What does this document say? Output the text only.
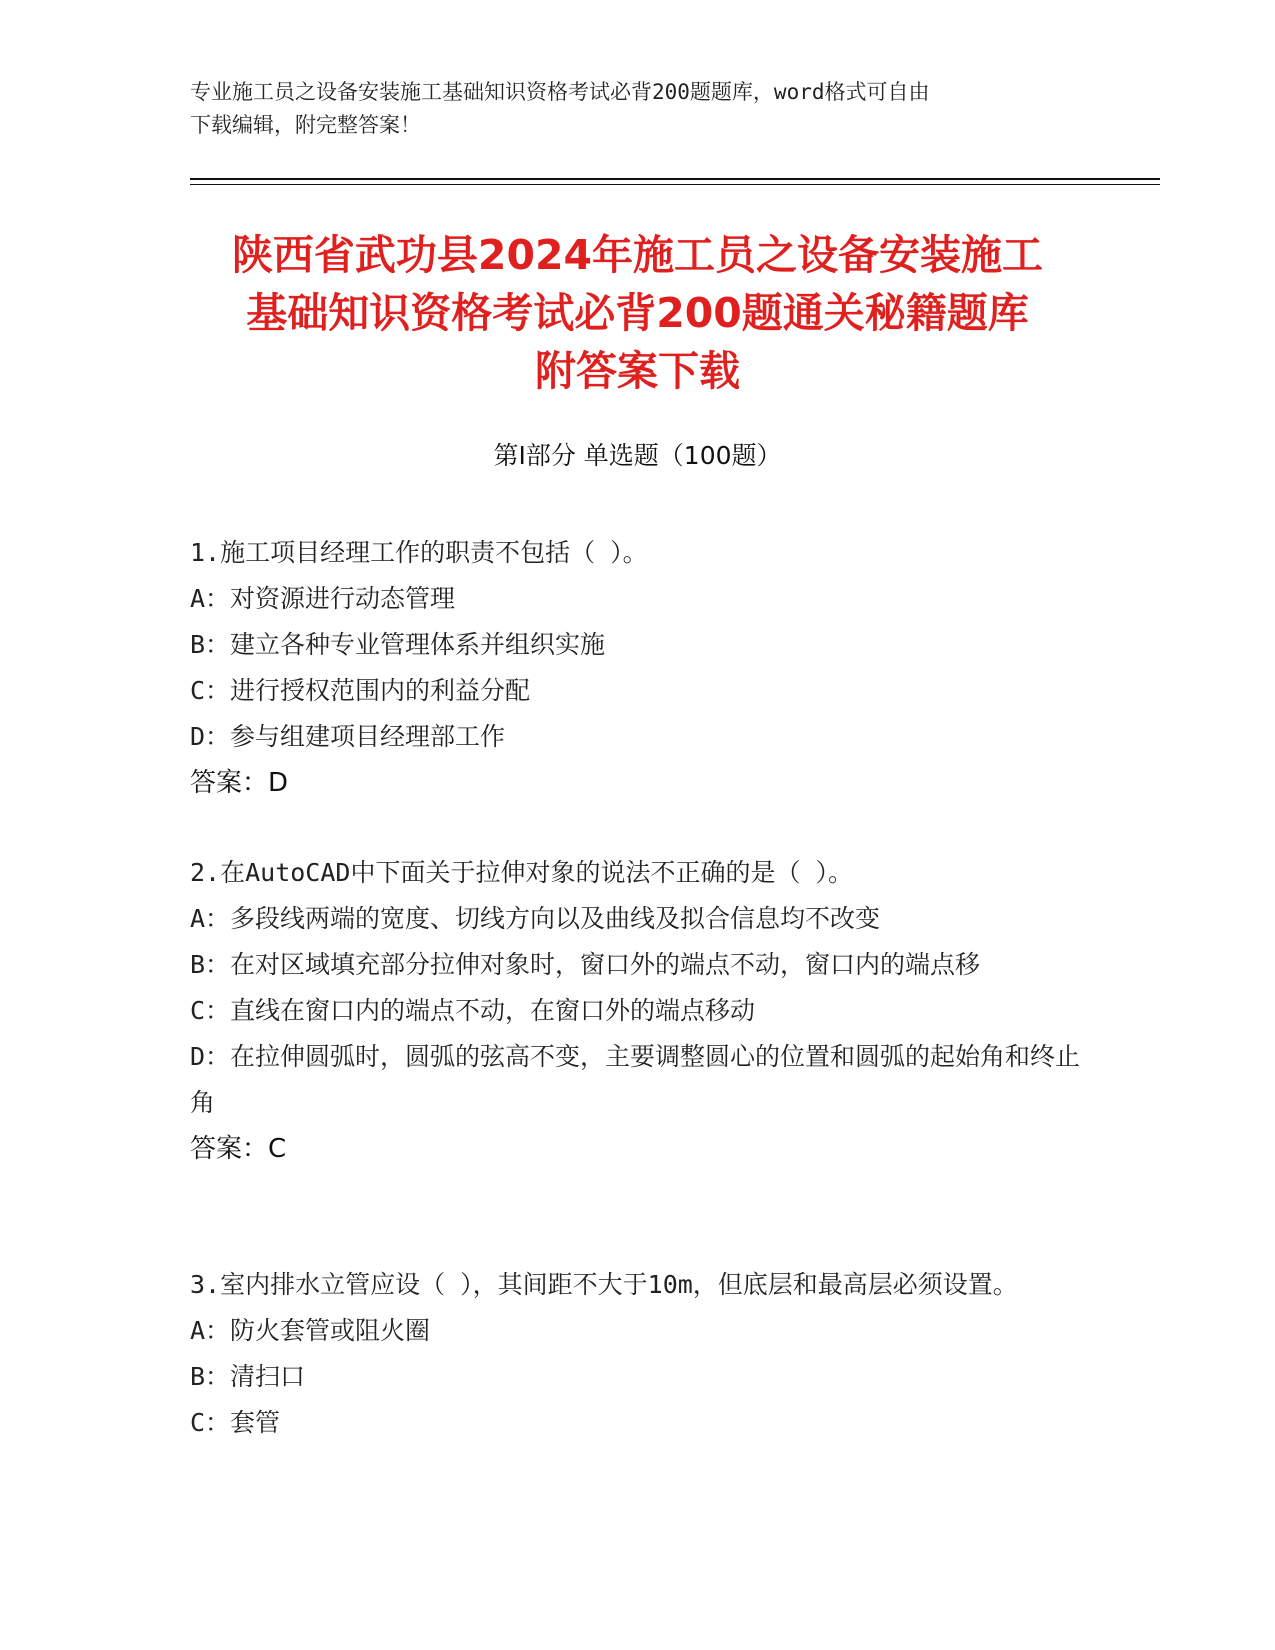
专业施工员之设备安装施工基础知识资格考试必背200题题库，word格式可自由
下载编辑，附完整答案！
陕西省武功县2024年施工员之设备安装施工
基础知识资格考试必背200题通关秘籍题库
附答案下载
第Ⅰ部分 单选题（100题）
1.施工项目经理工作的职责不包括（ ）。
A：对资源进行动态管理
B：建立各种专业管理体系并组织实施
C：进行授权范围内的利益分配
D：参与组建项目经理部工作
答案：D
2.在AutoCAD中下面关于拉伸对象的说法不正确的是（ ）。
A：多段线两端的宽度、切线方向以及曲线及拟合信息均不改变
B：在对区域填充部分拉伸对象时，窗口外的端点不动，窗口内的端点移
C：直线在窗口内的端点不动，在窗口外的端点移动
D：在拉伸圆弧时，圆弧的弦高不变，主要调整圆心的位置和圆弧的起始角和终止角
答案：C
3.室内排水立管应设（ ），其间距不大于10m，但底层和最高层必须设置。
A：防火套管或阻火圈
B：清扫口
C：套管
